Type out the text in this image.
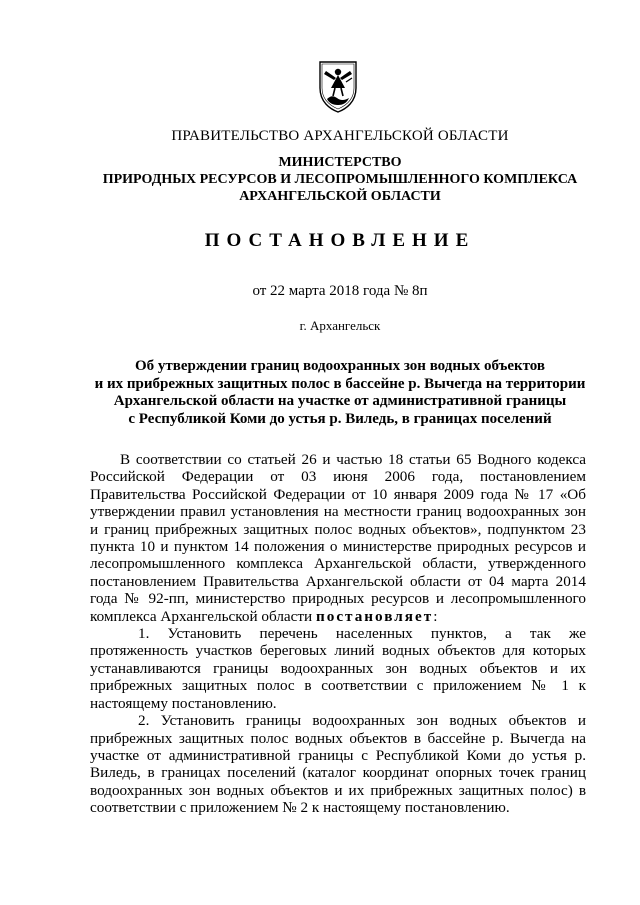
ПРАВИТЕЛЬСТВО АРХАНГЕЛЬСКОЙ ОБЛАСТИ
МИНИСТЕРСТВО
ПРИРОДНЫХ РЕСУРСОВ И ЛЕСОПРОМЫШЛЕННОГО КОМПЛЕКСА
АРХАНГЕЛЬСКОЙ ОБЛАСТИ
ПОСТАНОВЛЕНИЕ
от 22 марта 2018 года № 8п
г. Архангельск
Об утверждении границ водоохранных зон водных объектов
и их прибрежных защитных полос в бассейне р. Вычегда на территории
Архангельской области на участке от административной границы
с Республикой Коми до устья р. Виледь, в границах поселений

В соответствии со статьей 26 и частью 18 статьи 65 Водного кодекса Российской Федерации от 03 июня 2006 года, постановлением Правительства Российской Федерации от 10 января 2009 года № 17 «Об утверждении правил установления на местности границ водоохранных зон и границ прибрежных защитных полос водных объектов», подпунктом 23 пункта 10 и пунктом 14 положения о министерстве природных ресурсов и лесопромышленного комплекса Архангельской области, утвержденного постановлением Правительства Архангельской области от 04 марта 2014 года № 92-пп, министерство природных ресурсов и лесопромышленного комплекса Архангельской области постановляет:

1. Установить перечень населенных пунктов, а так же протяженность участков береговых линий водных объектов для которых устанавливаются границы водоохранных зон водных объектов и их прибрежных защитных полос в соответствии с приложением № 1 к настоящему постановлению.

2. Установить границы водоохранных зон водных объектов и прибрежных защитных полос водных объектов в бассейне р. Вычегда на участке от административной границы с Республикой Коми до устья р. Виледь, в границах поселений (каталог координат опорных точек границ водоохранных зон водных объектов и их прибрежных защитных полос) в соответствии с приложением № 2 к настоящему постановлению.
